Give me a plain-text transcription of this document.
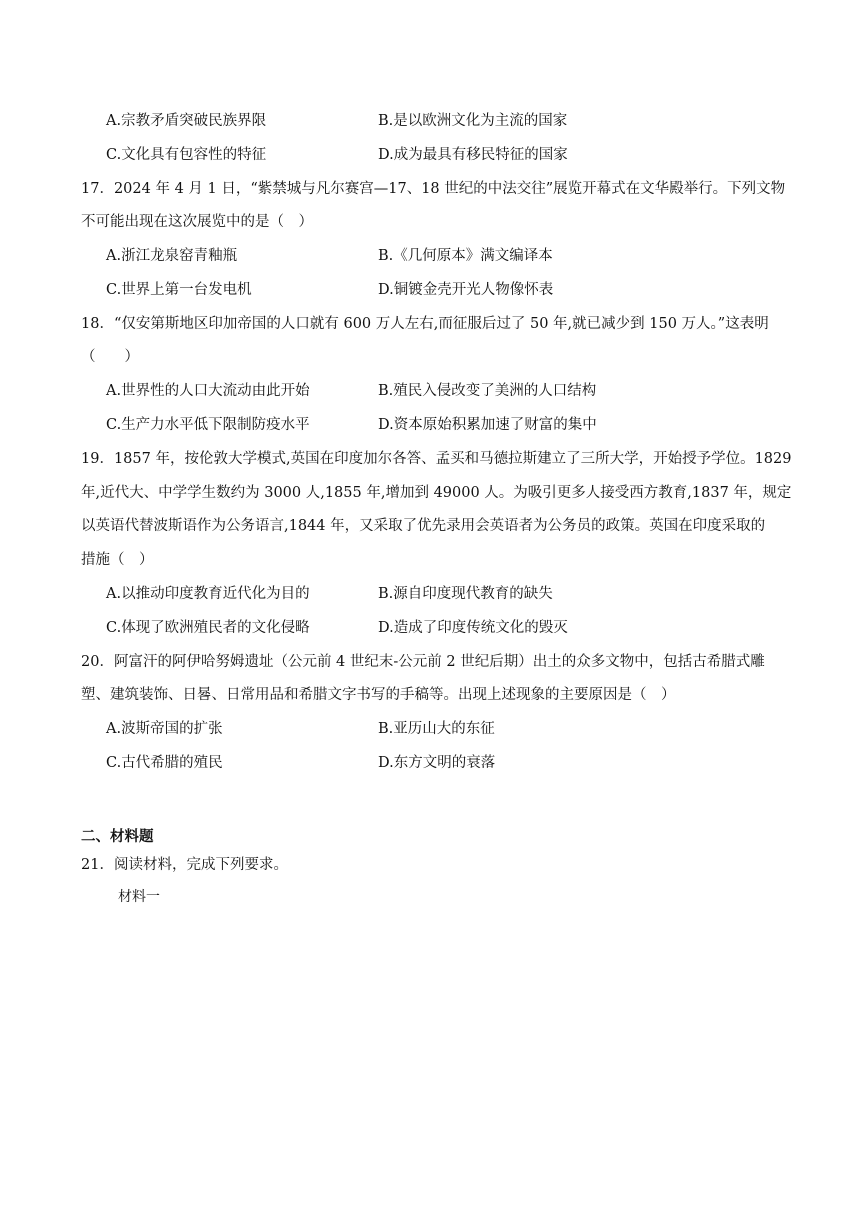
A.宗教矛盾突破民族界限	B.是以欧洲文化为主流的国家
C.文化具有包容性的特征	D.成为最具有移民特征的国家
17．2024 年 4 月 1 日，“紫禁城与凡尔赛宫—17、18 世纪的中法交往”展览开幕式在文华殿举行。下列文物
不可能出现在这次展览中的是（　）
A.浙江龙泉窑青釉瓶	B.《几何原本》满文编译本
C.世界上第一台发电机	D.铜镀金壳开光人物像怀表
18．“仅安第斯地区印加帝国的人口就有 600 万人左右,而征服后过了 50 年,就已减少到 150 万人。”这表明
（　　）
A.世界性的人口大流动由此开始	B.殖民入侵改变了美洲的人口结构
C.生产力水平低下限制防疫水平	D.资本原始积累加速了财富的集中
19．1857 年，按伦敦大学模式,英国在印度加尔各答、孟买和马德拉斯建立了三所大学，开始授予学位。1829
年,近代大、中学学生数约为 3000 人,1855 年,增加到 49000 人。为吸引更多人接受西方教育,1837 年，规定
以英语代替波斯语作为公务语言,1844 年，又采取了优先录用会英语者为公务员的政策。英国在印度采取的
措施（　）
A.以推动印度教育近代化为目的	B.源自印度现代教育的缺失
C.体现了欧洲殖民者的文化侵略	D.造成了印度传统文化的毁灭
20．阿富汗的阿伊哈努姆遗址（公元前 4 世纪末-公元前 2 世纪后期）出土的众多文物中，包括古希腊式雕
塑、建筑装饰、日晷、日常用品和希腊文字书写的手稿等。出现上述现象的主要原因是（　）
A.波斯帝国的扩张	B.亚历山大的东征
C.古代希腊的殖民	D.东方文明的衰落
二、材料题
21．阅读材料，完成下列要求。
材料一
